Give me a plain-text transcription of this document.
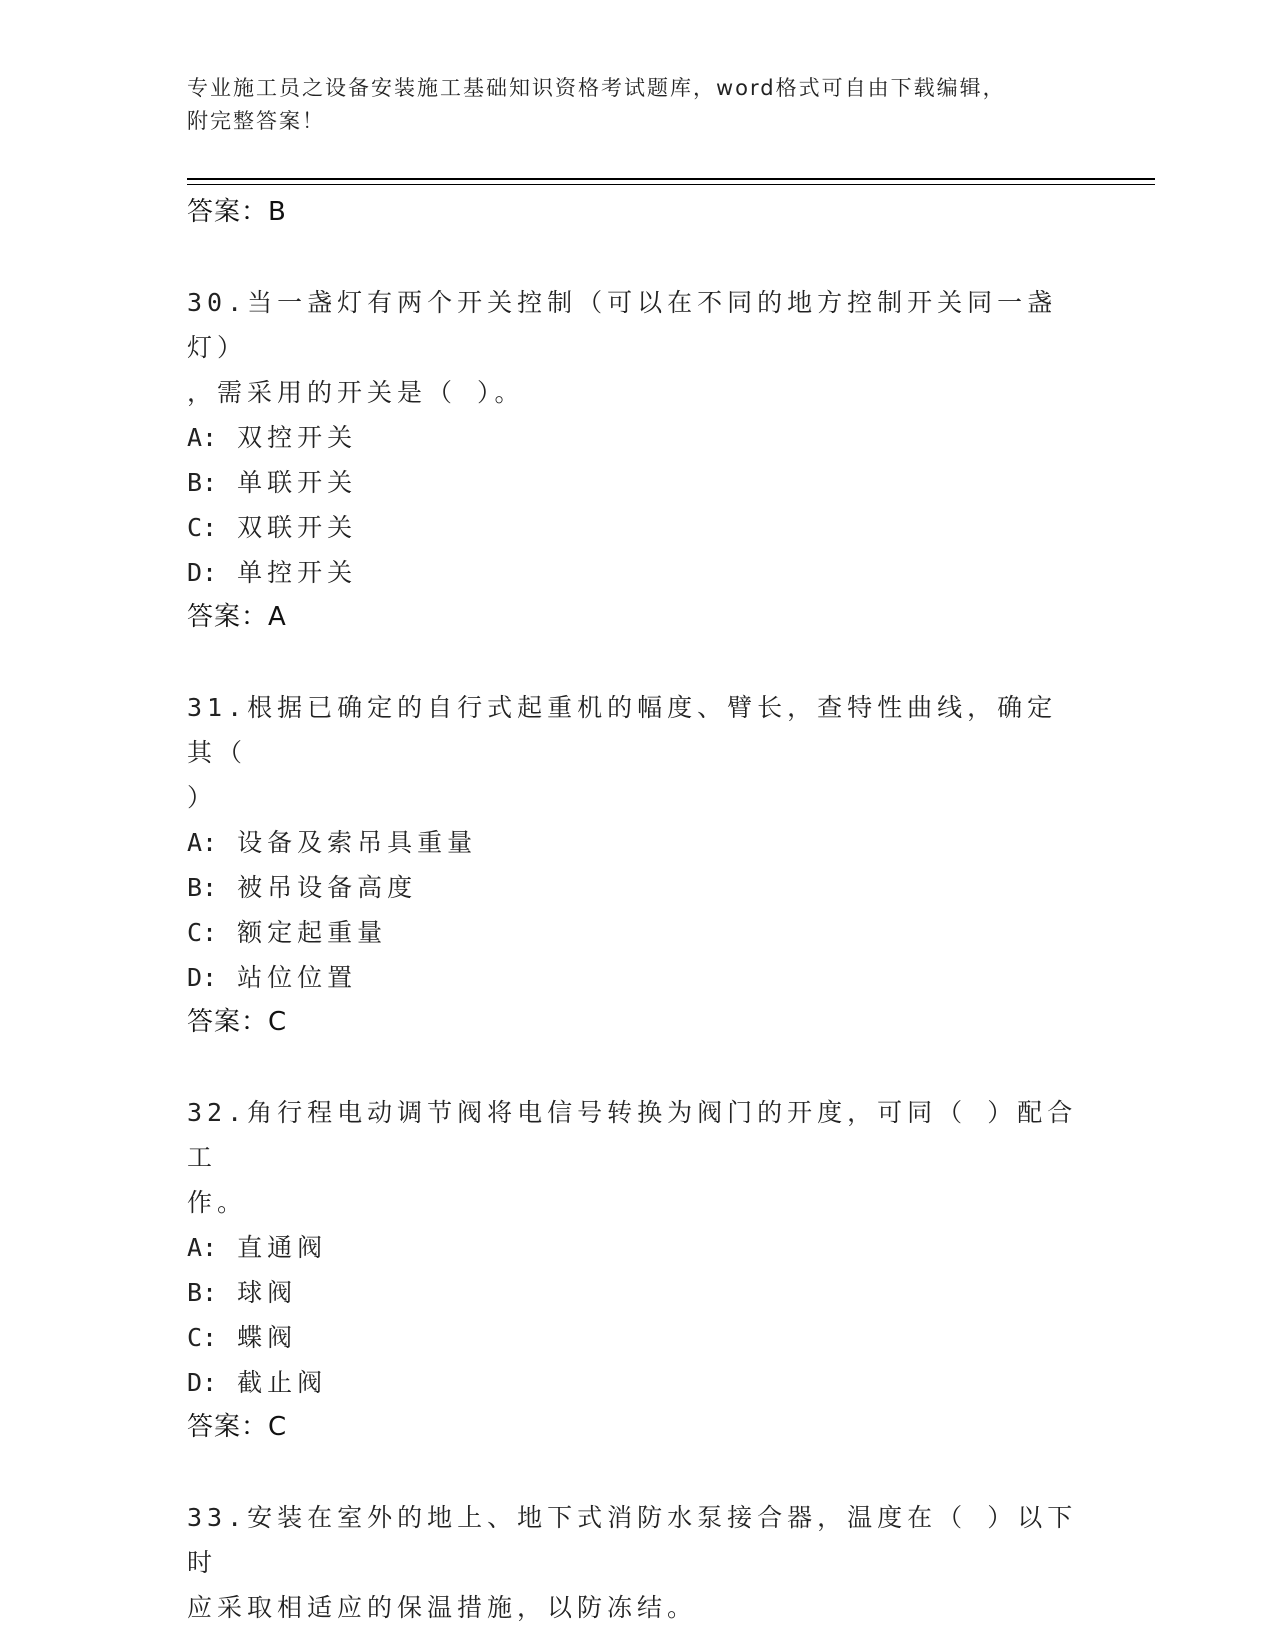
专业施工员之设备安装施工基础知识资格考试题库，word格式可自由下载编辑，
附完整答案！
答案：B
30.当一盏灯有两个开关控制（可以在不同的地方控制开关同一盏灯）
，需采用的开关是（ ）。
A: 双控开关
B: 单联开关
C: 双联开关
D: 单控开关
答案：A
31.根据已确定的自行式起重机的幅度、臂长，查特性曲线，确定其（
）
A: 设备及索吊具重量
B: 被吊设备高度
C: 额定起重量
D: 站位位置
答案：C
32.角行程电动调节阀将电信号转换为阀门的开度，可同（ ）配合工
作。
A: 直通阀
B: 球阀
C: 蝶阀
D: 截止阀
答案：C
33.安装在室外的地上、地下式消防水泵接合器，温度在（ ）以下时
应采取相适应的保温措施，以防冻结。
